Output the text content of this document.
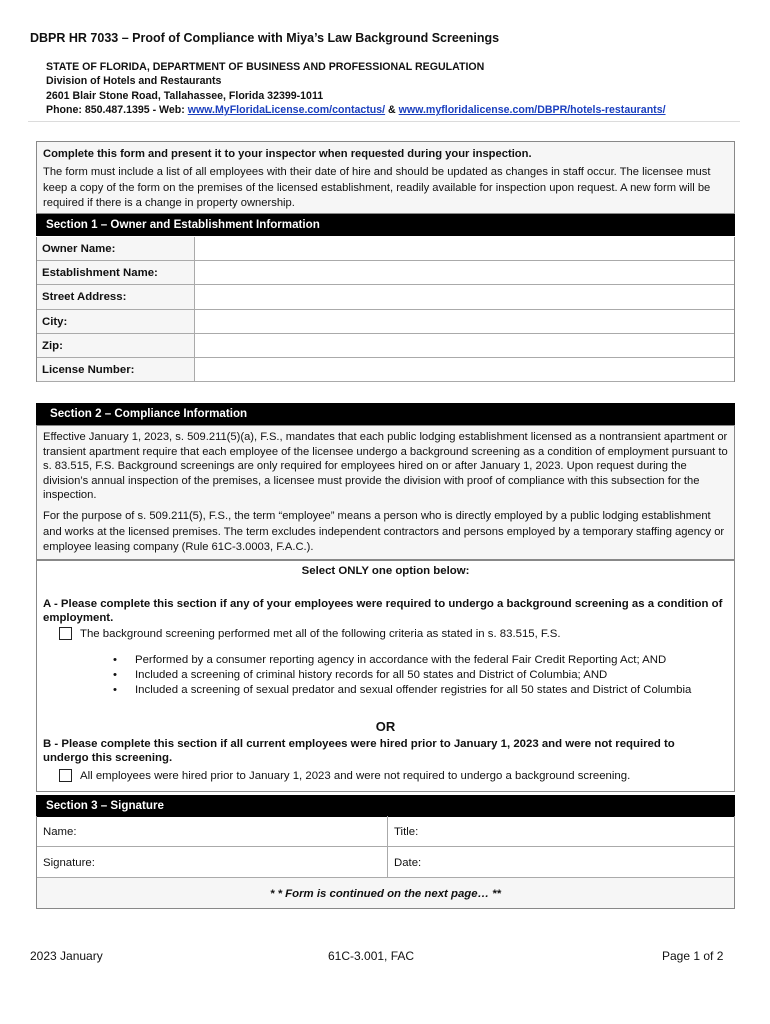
DBPR HR 7033 – Proof of Compliance with Miya’s Law Background Screenings
STATE OF FLORIDA, DEPARTMENT OF BUSINESS AND PROFESSIONAL REGULATION
Division of Hotels and Restaurants
2601 Blair Stone Road, Tallahassee, Florida 32399-1011
Phone: 850.487.1395 - Web: www.MyFloridaLicense.com/contactus/ & www.myfloridalicense.com/DBPR/hotels-restaurants/
Complete this form and present it to your inspector when requested during your inspection.
The form must include a list of all employees with their date of hire and should be updated as changes in staff occur. The licensee must keep a copy of the form on the premises of the licensed establishment, readily available for inspection upon request. A new form will be required if there is a change in property ownership.
Section 1 – Owner and Establishment Information
Owner Name:
Establishment Name:
Street Address:
City:
Zip:
License Number:
Section 2 – Compliance Information

Effective January 1, 2023, s. 509.211(5)(a), F.S., mandates that each public lodging establishment licensed as a nontransient apartment or transient apartment require that each employee of the licensee undergo a background screening as a condition of employment pursuant to s. 83.515, F.S. Background screenings are only required for employees hired on or after January 1, 2023. Upon request during the division’s annual inspection of the premises, a licensee must provide the division with proof of compliance with this subsection for the inspection.

For the purpose of s. 509.211(5), F.S., the term “employee” means a person who is directly employed by a public lodging establishment and works at the licensed premises. The term excludes independent contractors and persons employed by a temporary staffing agency or employee leasing company (Rule 61C-3.0003, F.A.C.).

Select ONLY one option below:
A - Please complete this section if any of your employees were required to undergo a background screening as a condition of employment.
The background screening performed met all of the following criteria as stated in s. 83.515, F.S.
•	Performed by a consumer reporting agency in accordance with the federal Fair Credit Reporting Act; AND
•	Included a screening of criminal history records for all 50 states and District of Columbia; AND
•	Included a screening of sexual predator and sexual offender registries for all 50 states and District of Columbia
OR
B - Please complete this section if all current employees were hired prior to January 1, 2023 and were not required to undergo this screening.
All employees were hired prior to January 1, 2023 and were not required to undergo a background screening.
Section 3 – Signature
Name:	Title:
Signature:	Date:
* * Form is continued on the next page… **
2023 January	61C-3.001, FAC	Page 1 of 2
